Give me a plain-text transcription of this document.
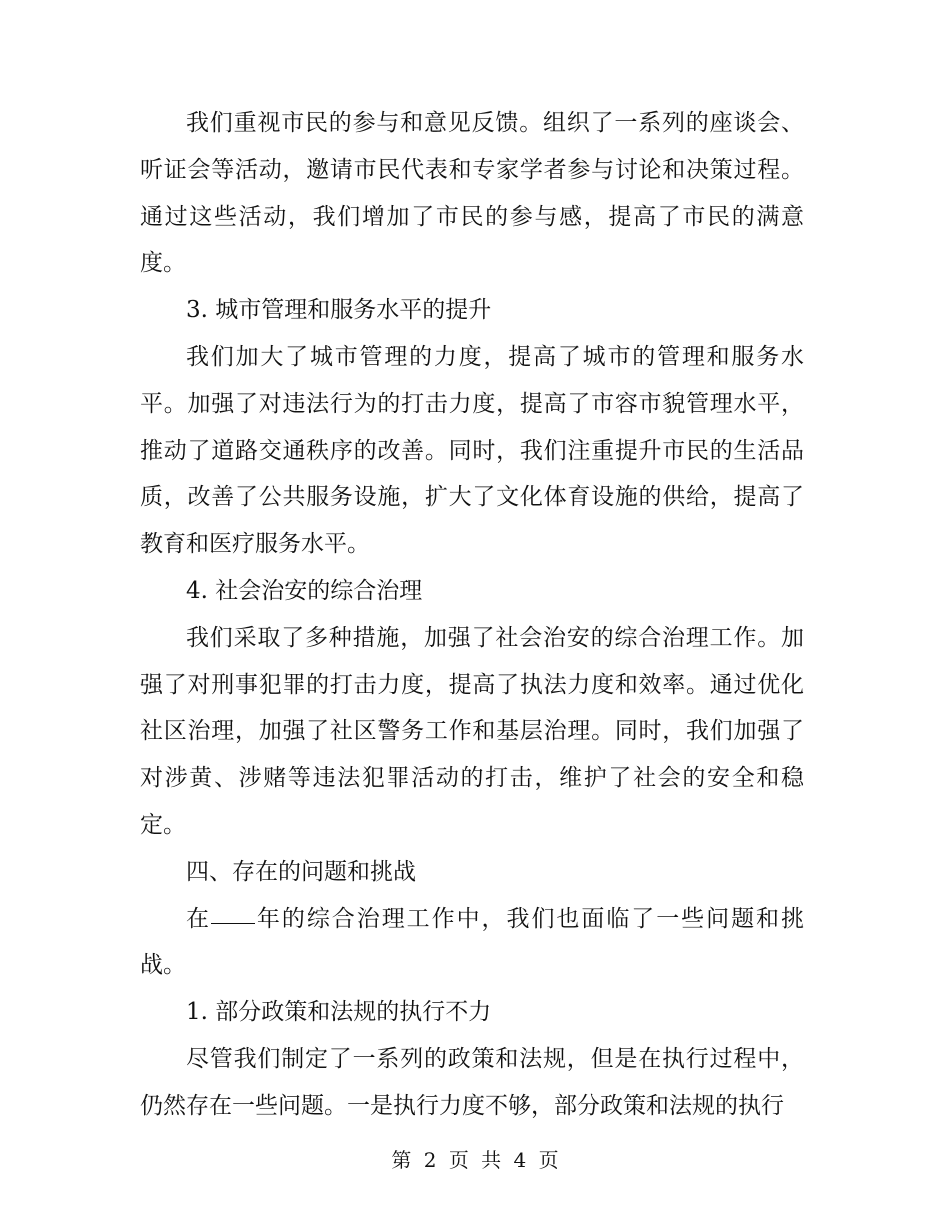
我们重视市民的参与和意见反馈。组织了一系列的座谈会、听证会等活动，邀请市民代表和专家学者参与讨论和决策过程。通过这些活动，我们增加了市民的参与感，提高了市民的满意度。

3. 城市管理和服务水平的提升

我们加大了城市管理的力度，提高了城市的管理和服务水平。加强了对违法行为的打击力度，提高了市容市貌管理水平，推动了道路交通秩序的改善。同时，我们注重提升市民的生活品质，改善了公共服务设施，扩大了文化体育设施的供给，提高了教育和医疗服务水平。

4. 社会治安的综合治理

我们采取了多种措施，加强了社会治安的综合治理工作。加强了对刑事犯罪的打击力度，提高了执法力度和效率。通过优化社区治理，加强了社区警务工作和基层治理。同时，我们加强了对涉黄、涉赌等违法犯罪活动的打击，维护了社会的安全和稳定。

四、存在的问题和挑战

在 年的综合治理工作中，我们也面临了一些问题和挑战。

1. 部分政策和法规的执行不力

尽管我们制定了一系列的政策和法规，但是在执行过程中，仍然存在一些问题。一是执行力度不够，部分政策和法规的执行

第 2 页 共 4 页
